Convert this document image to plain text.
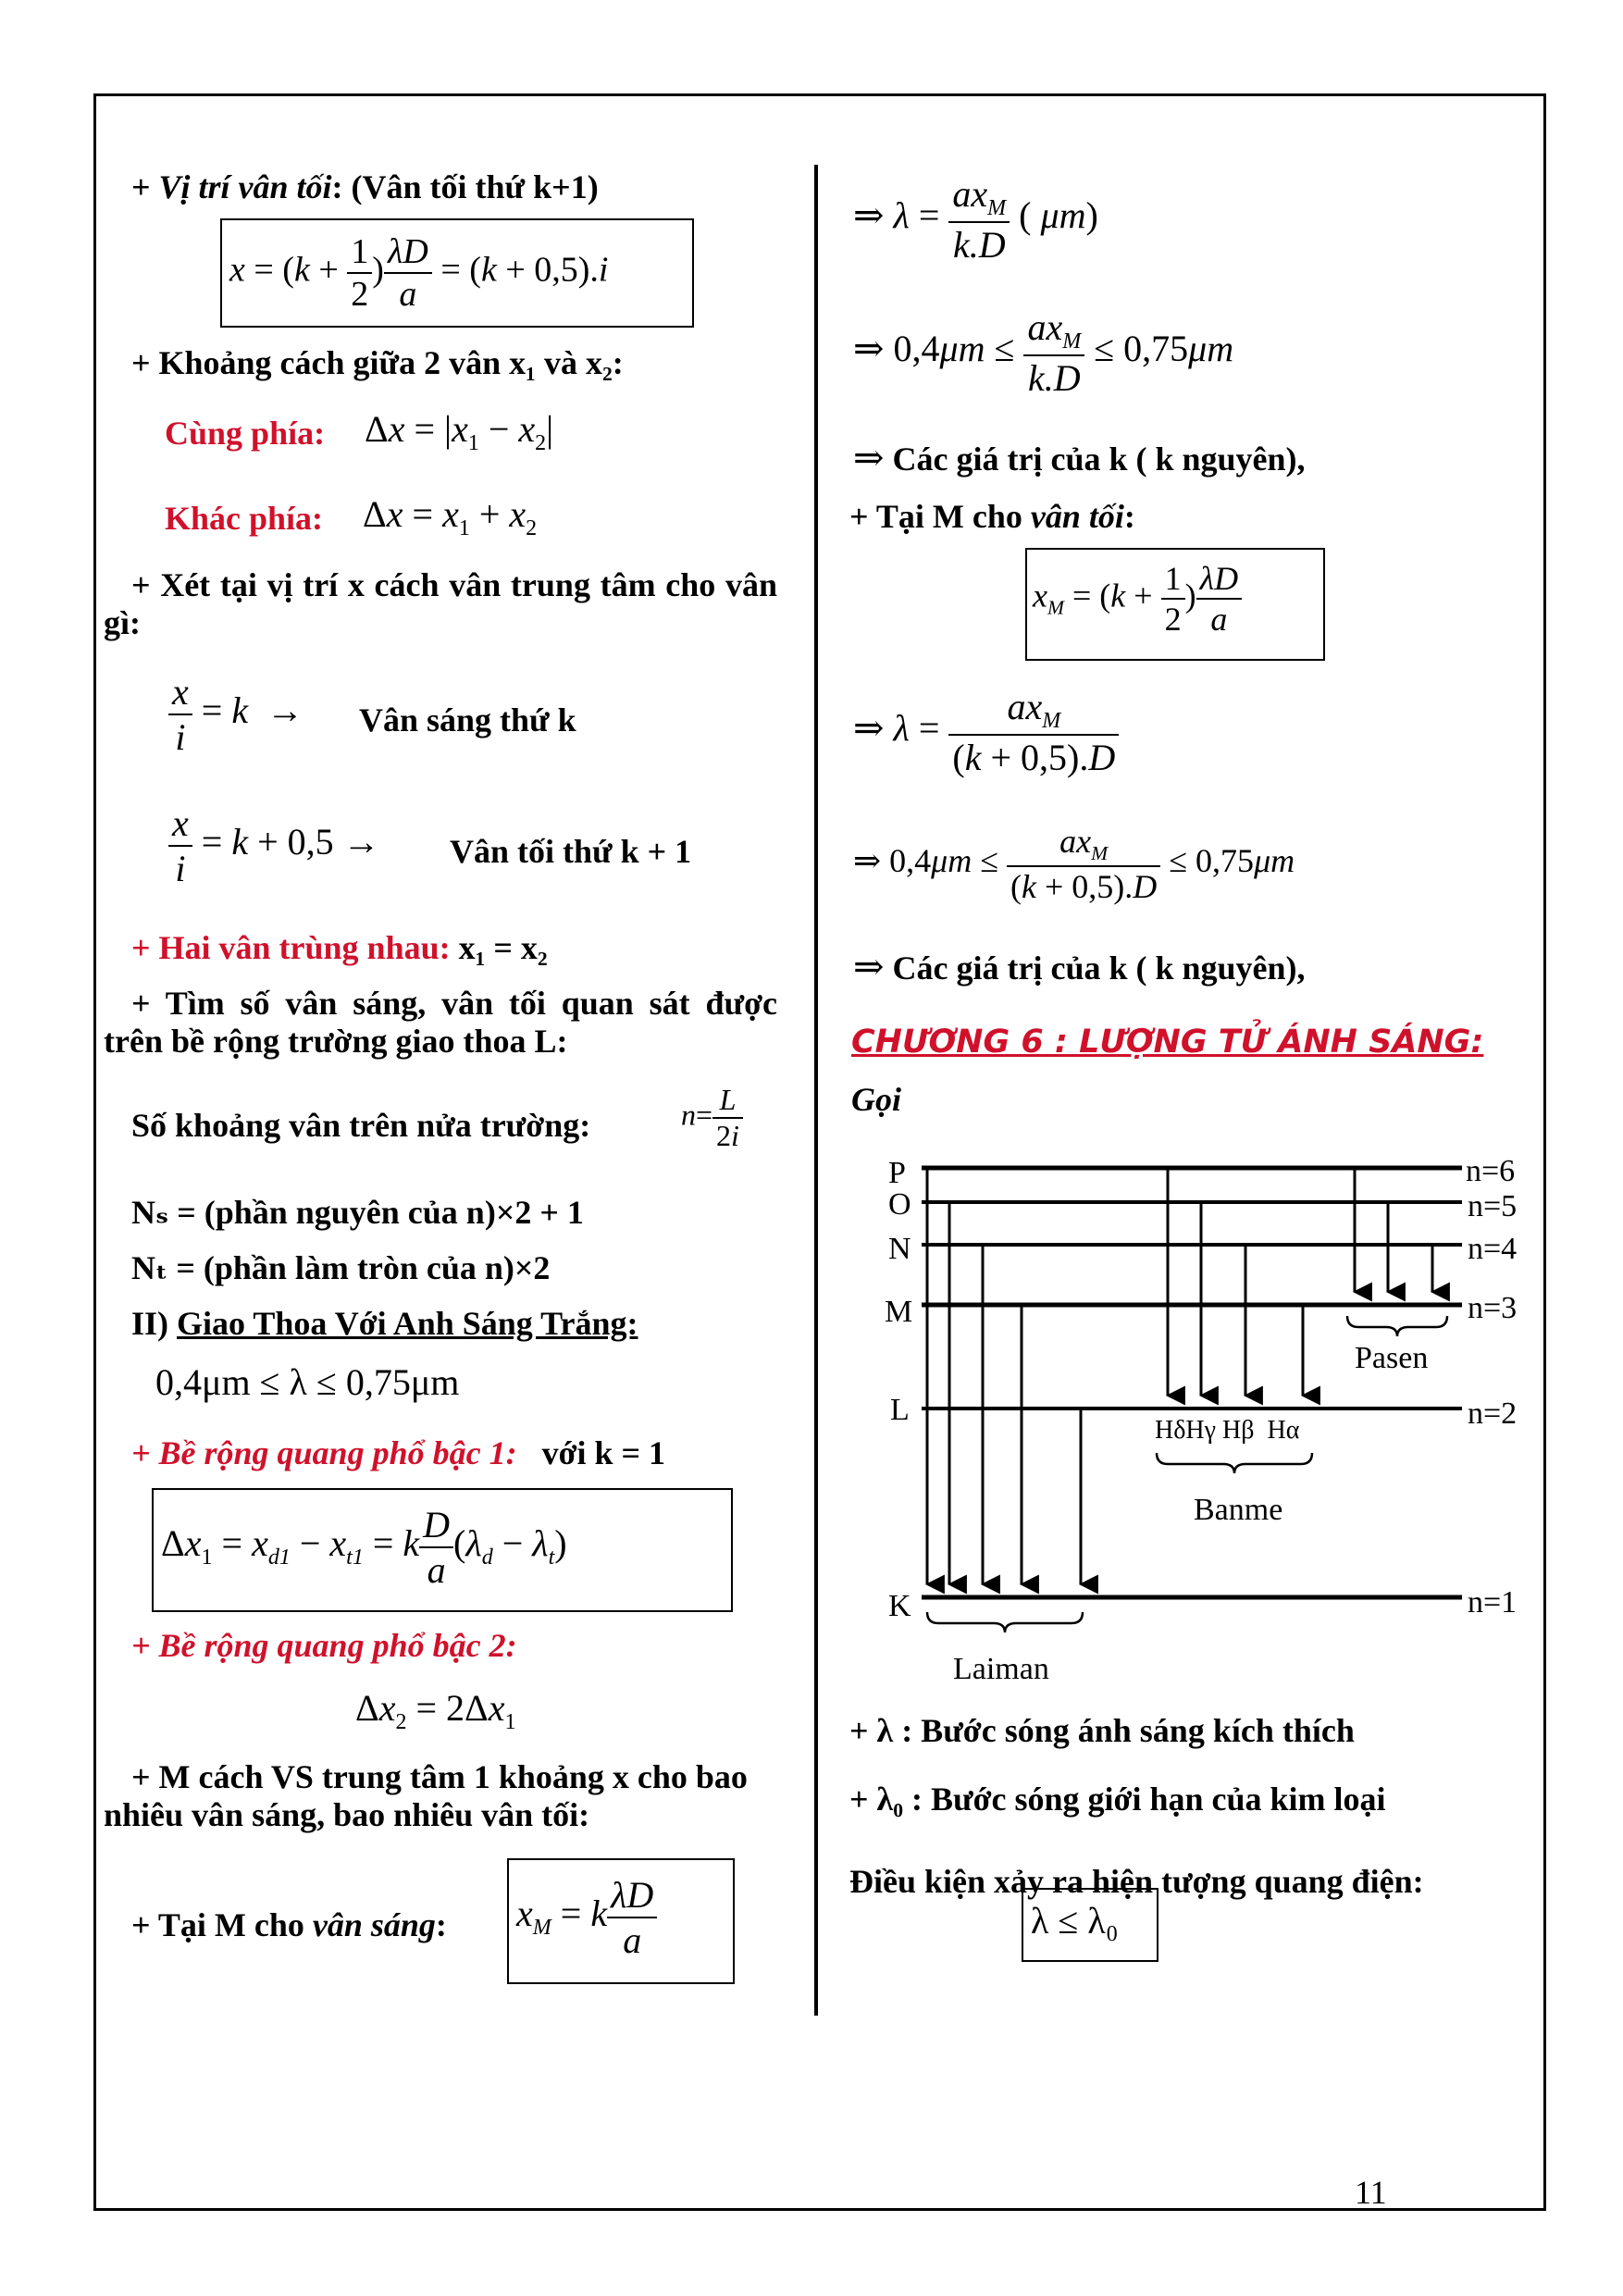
+ Vị trí vân tối: (Vân tối thứ k+1)
$x = (k + \frac{1}{2}$ ) $\frac{\lambda D}{a} = (k + 0,5).i$
+ Khoảng cách giữa 2 vân x₁ và x₂:
Cùng phía: $\Delta x = |x_1 - x_2|$
Khác phía: $\Delta x = x_1 + x_2$
+ Xét tại vị trí x cách vân trung tâm cho vân gì:
$\frac{x}{i} = k$  → Vân sáng thứ k
$\frac{x}{i} = k + 0,5$ → Vân tối thứ k + 1
+ Hai vân trùng nhau: x₁ = x₂
+ Tìm số vân sáng, vân tối quan sát được trên bề rộng trường giao thoa L:
Số khoảng vân trên nửa trường:	$n= \frac{L}{2i}$
Nₛ = (phần nguyên của n)×2 + 1
Nₜ = (phần làm tròn của n)×2
II) Giao Thoa Với Anh Sáng Trắng:
0,4μm ≤ λ ≤ 0,75μm
+ Bề rộng quang phổ bậc 1: với k = 1
$\Delta x_1 = x_{d1} - x_{t1} = k \frac{D}{a} (\lambda_d - \lambda_t)$
+ Bề rộng quang phổ bậc 2:
$\Delta x_2 = 2\Delta x_1$
+ M cách VS trung tâm 1 khoảng x cho bao nhiêu vân sáng, bao nhiêu vân tối:
+ Tại M cho vân sáng: $x_M = k \frac{\lambda D}{a}$
⇒ $\lambda = \frac{ax_M}{k.D}$ ( μm)
⇒ $0,4\mu m \le \frac{ax_M}{k.D} \le 0,75\mu m$
⇒ Các giá trị của k ( k nguyên),
+ Tại M cho vân tối:
$x_M = (k + \frac{1}{2}$ ) $\frac{\lambda D}{a}$
⇒ $\lambda = \frac{ax_M}{(k + 0,5).D}$
⇒ $0,4\mu m \le \frac{ax_M}{(k + 0,5).D} \le 0,75\mu m$
⇒ Các giá trị của k ( k nguyên),
CHƯƠNG 6 : LƯỢNG TỬ ÁNH SÁNG:
Gọi
P
O
N
M
L
K
n=6
n=5
n=4
n=3
n=2
n=1
Pasen
Banme
Laiman
HδHγ Hβ Hα
+ λ : Bước sóng ánh sáng kích thích
+ λ₀ : Bước sóng giới hạn của kim loại
Điều kiện xảy ra hiện tượng quang điện:
λ ≤ λ₀
11
